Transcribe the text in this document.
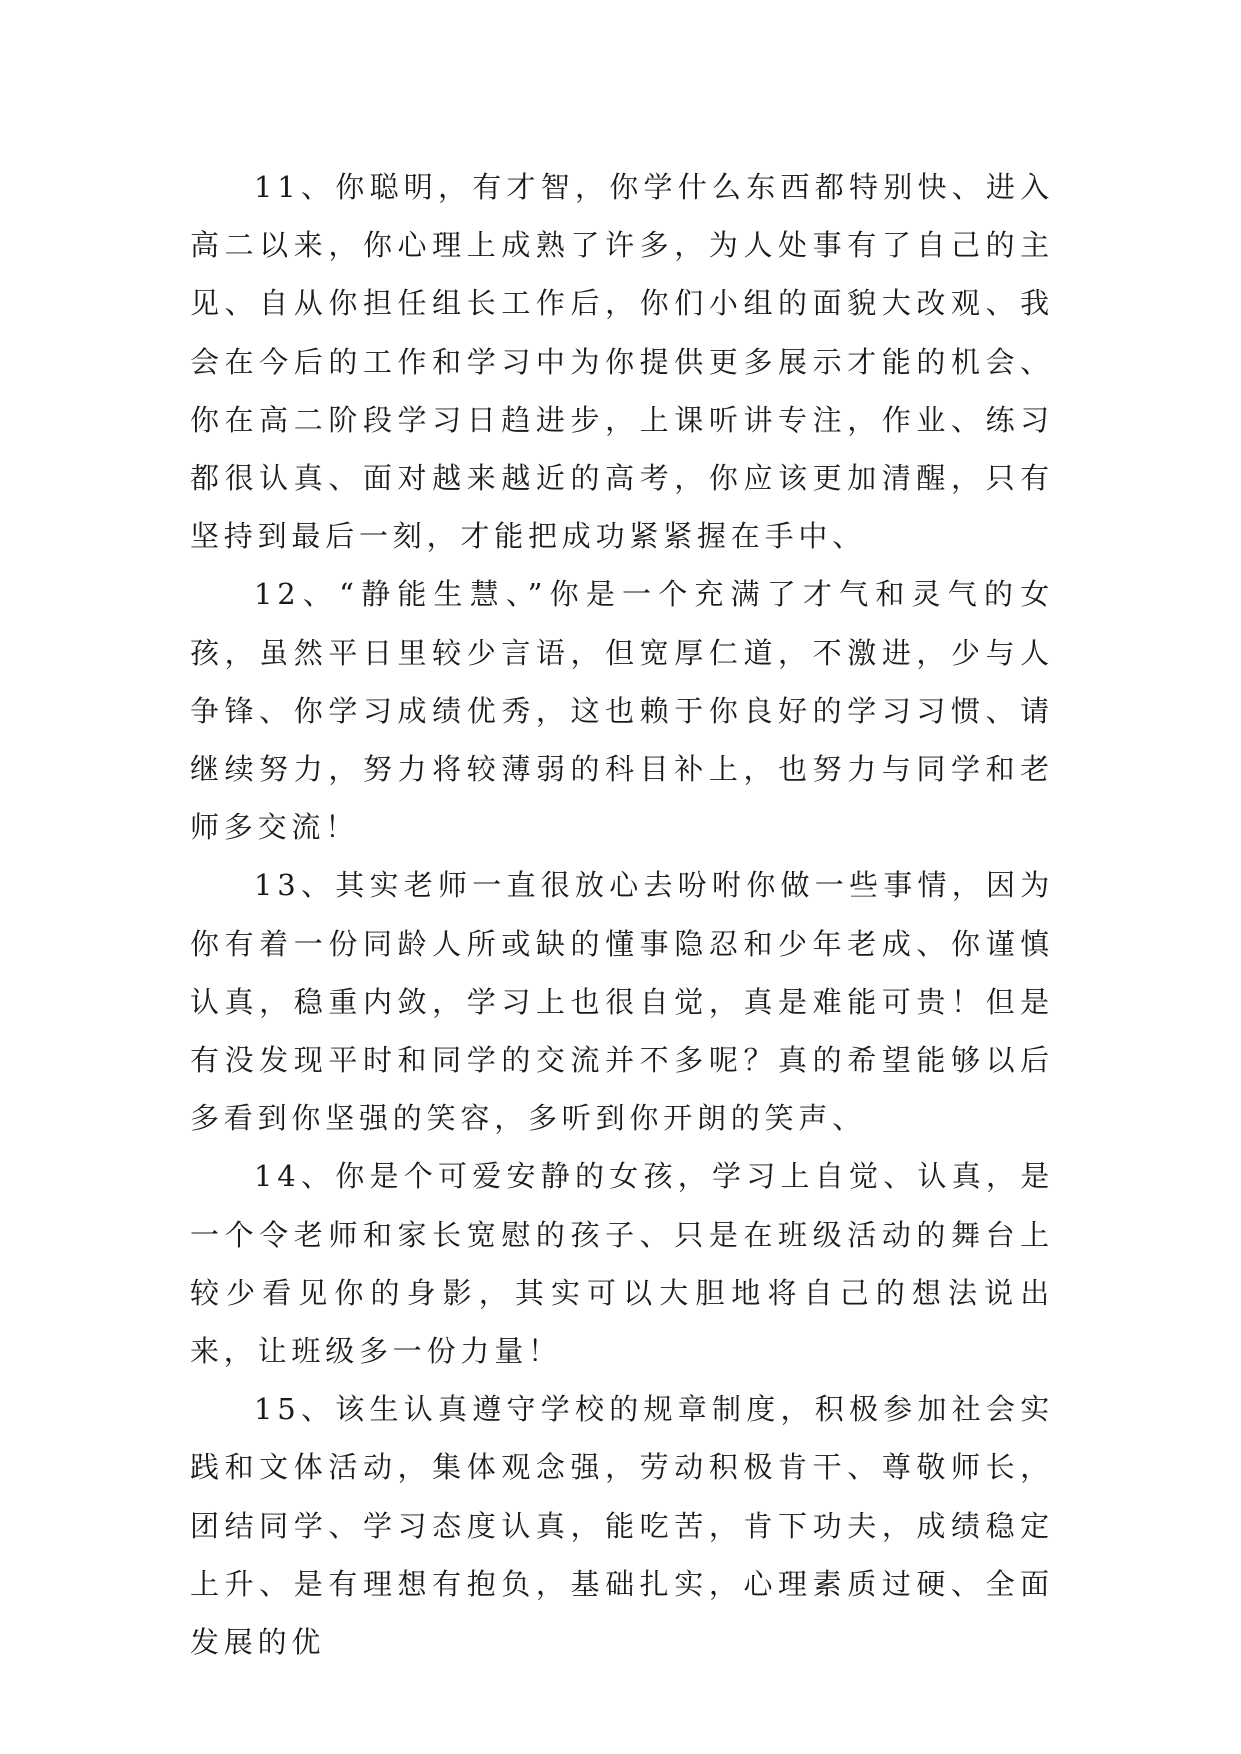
11、你聪明，有才智，你学什么东西都特别快、进入高二以来，你心理上成熟了许多，为人处事有了自己的主见、自从你担任组长工作后，你们小组的面貌大改观、我会在今后的工作和学习中为你提供更多展示才能的机会、你在高二阶段学习日趋进步，上课听讲专注，作业、练习都很认真、面对越来越近的高考，你应该更加清醒，只有坚持到最后一刻，才能把成功紧紧握在手中、

12、“静能生慧、”你是一个充满了才气和灵气的女孩，虽然平日里较少言语，但宽厚仁道，不激进，少与人争锋、你学习成绩优秀，这也赖于你良好的学习习惯、请继续努力，努力将较薄弱的科目补上，也努力与同学和老师多交流！

13、其实老师一直很放心去吩咐你做一些事情，因为你有着一份同龄人所或缺的懂事隐忍和少年老成、你谨慎认真，稳重内敛，学习上也很自觉，真是难能可贵！但是有没发现平时和同学的交流并不多呢？真的希望能够以后多看到你坚强的笑容，多听到你开朗的笑声、

14、你是个可爱安静的女孩，学习上自觉、认真，是一个令老师和家长宽慰的孩子、只是在班级活动的舞台上较少看见你的身影，其实可以大胆地将自己的想法说出来，让班级多一份力量！

15、该生认真遵守学校的规章制度，积极参加社会实践和文体活动，集体观念强，劳动积极肯干、尊敬师长，团结同学、学习态度认真，能吃苦，肯下功夫，成绩稳定上升、是有理想有抱负，基础扎实，心理素质过硬、全面发展的优
